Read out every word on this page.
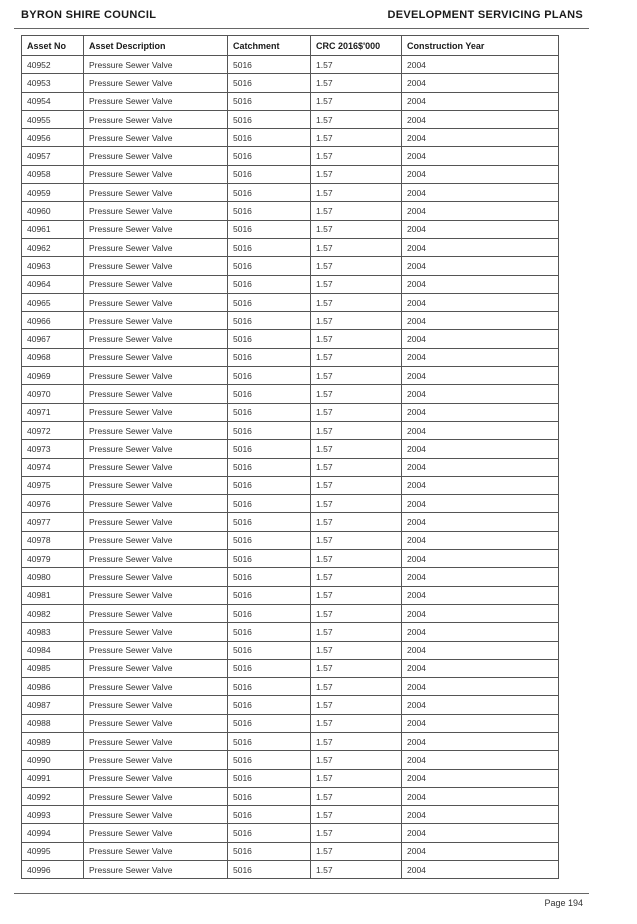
BYRON SHIRE COUNCIL	DEVELOPMENT SERVICING PLANS
Asset No	Asset Description	Catchment	CRC 2016$'000	Construction Year
40952	Pressure Sewer Valve	5016	1.57	2004
40953	Pressure Sewer Valve	5016	1.57	2004
40954	Pressure Sewer Valve	5016	1.57	2004
40955	Pressure Sewer Valve	5016	1.57	2004
40956	Pressure Sewer Valve	5016	1.57	2004
40957	Pressure Sewer Valve	5016	1.57	2004
40958	Pressure Sewer Valve	5016	1.57	2004
40959	Pressure Sewer Valve	5016	1.57	2004
40960	Pressure Sewer Valve	5016	1.57	2004
40961	Pressure Sewer Valve	5016	1.57	2004
40962	Pressure Sewer Valve	5016	1.57	2004
40963	Pressure Sewer Valve	5016	1.57	2004
40964	Pressure Sewer Valve	5016	1.57	2004
40965	Pressure Sewer Valve	5016	1.57	2004
40966	Pressure Sewer Valve	5016	1.57	2004
40967	Pressure Sewer Valve	5016	1.57	2004
40968	Pressure Sewer Valve	5016	1.57	2004
40969	Pressure Sewer Valve	5016	1.57	2004
40970	Pressure Sewer Valve	5016	1.57	2004
40971	Pressure Sewer Valve	5016	1.57	2004
40972	Pressure Sewer Valve	5016	1.57	2004
40973	Pressure Sewer Valve	5016	1.57	2004
40974	Pressure Sewer Valve	5016	1.57	2004
40975	Pressure Sewer Valve	5016	1.57	2004
40976	Pressure Sewer Valve	5016	1.57	2004
40977	Pressure Sewer Valve	5016	1.57	2004
40978	Pressure Sewer Valve	5016	1.57	2004
40979	Pressure Sewer Valve	5016	1.57	2004
40980	Pressure Sewer Valve	5016	1.57	2004
40981	Pressure Sewer Valve	5016	1.57	2004
40982	Pressure Sewer Valve	5016	1.57	2004
40983	Pressure Sewer Valve	5016	1.57	2004
40984	Pressure Sewer Valve	5016	1.57	2004
40985	Pressure Sewer Valve	5016	1.57	2004
40986	Pressure Sewer Valve	5016	1.57	2004
40987	Pressure Sewer Valve	5016	1.57	2004
40988	Pressure Sewer Valve	5016	1.57	2004
40989	Pressure Sewer Valve	5016	1.57	2004
40990	Pressure Sewer Valve	5016	1.57	2004
40991	Pressure Sewer Valve	5016	1.57	2004
40992	Pressure Sewer Valve	5016	1.57	2004
40993	Pressure Sewer Valve	5016	1.57	2004
40994	Pressure Sewer Valve	5016	1.57	2004
40995	Pressure Sewer Valve	5016	1.57	2004
40996	Pressure Sewer Valve	5016	1.57	2004
Page 194
